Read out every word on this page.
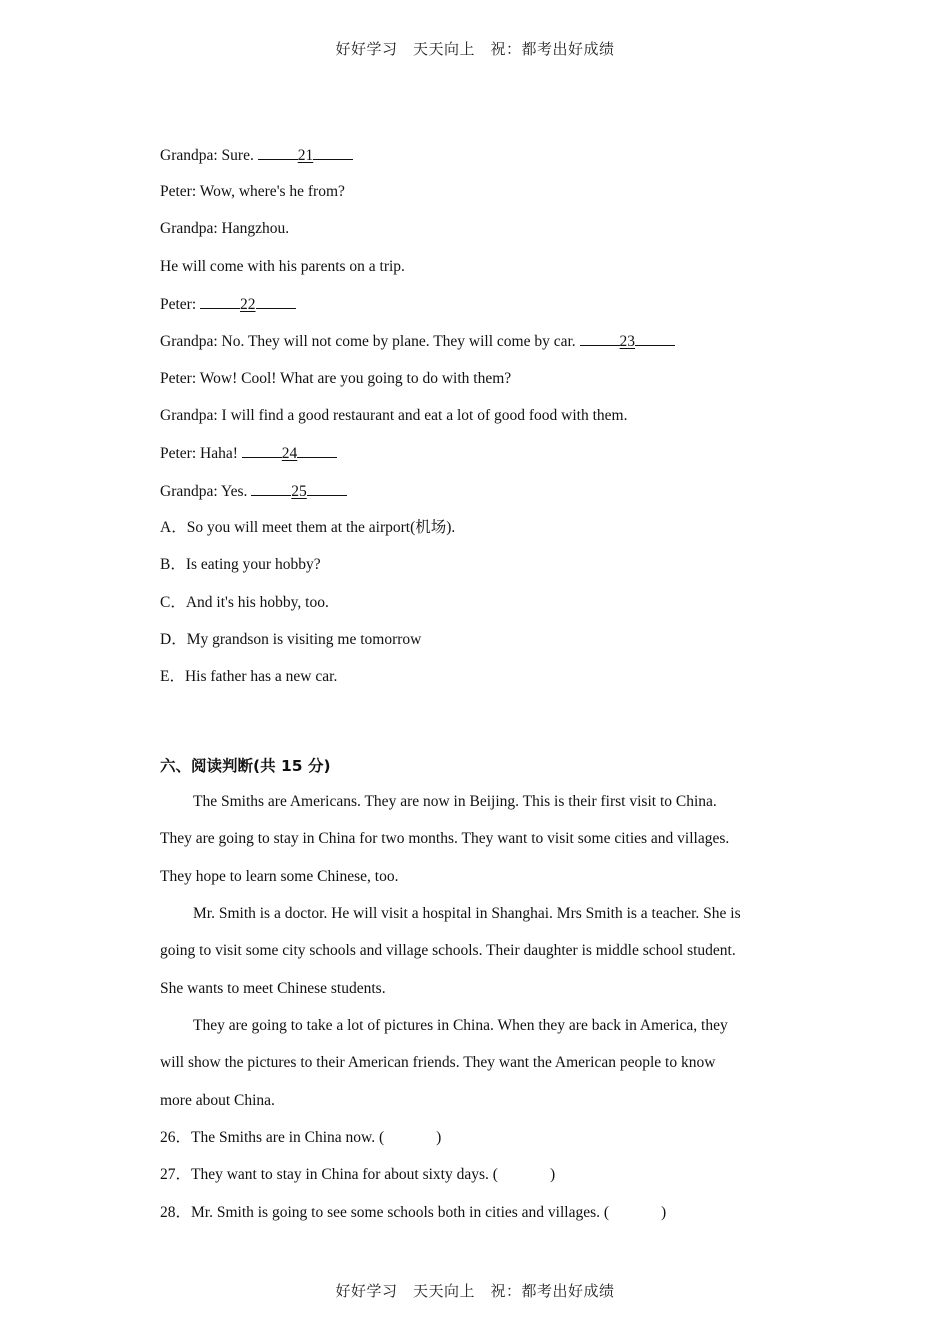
好好学习　天天向上　祝：都考出好成绩
Grandpa: Sure.	21
Peter: Wow, where's he from?
Grandpa: Hangzhou.
He will come with his parents on a trip.
Peter:	22
Grandpa: No. They will not come by plane. They will come by car.	23
Peter: Wow! Cool! What are you going to do with them?
Grandpa: I will find a good restaurant and eat a lot of good food with them.
Peter: Haha!	24
Grandpa: Yes.	25
A．So you will meet them at the airport(机场).
B．Is eating your hobby?
C．And it's his hobby, too.
D．My grandson is visiting me tomorrow
E．His father has a new car.
六、阅读判断(共 15 分)
The Smiths are Americans. They are now in Beijing. This is their first visit to China.
They are going to stay in China for two months. They want to visit some cities and villages.
They hope to learn some Chinese, too.
Mr. Smith is a doctor. He will visit a hospital in Shanghai. Mrs Smith is a teacher. She is
going to visit some city schools and village schools. Their daughter is middle school student.
She wants to meet Chinese students.
They are going to take a lot of pictures in China. When they are back in America, they
will show the pictures to their American friends. They want the American people to know
more about China.
26．The Smiths are in China now. (	)
27．They want to stay in China for about sixty days. (	)
28．Mr. Smith is going to see some schools both in cities and villages. (	)
好好学习　天天向上　祝：都考出好成绩
